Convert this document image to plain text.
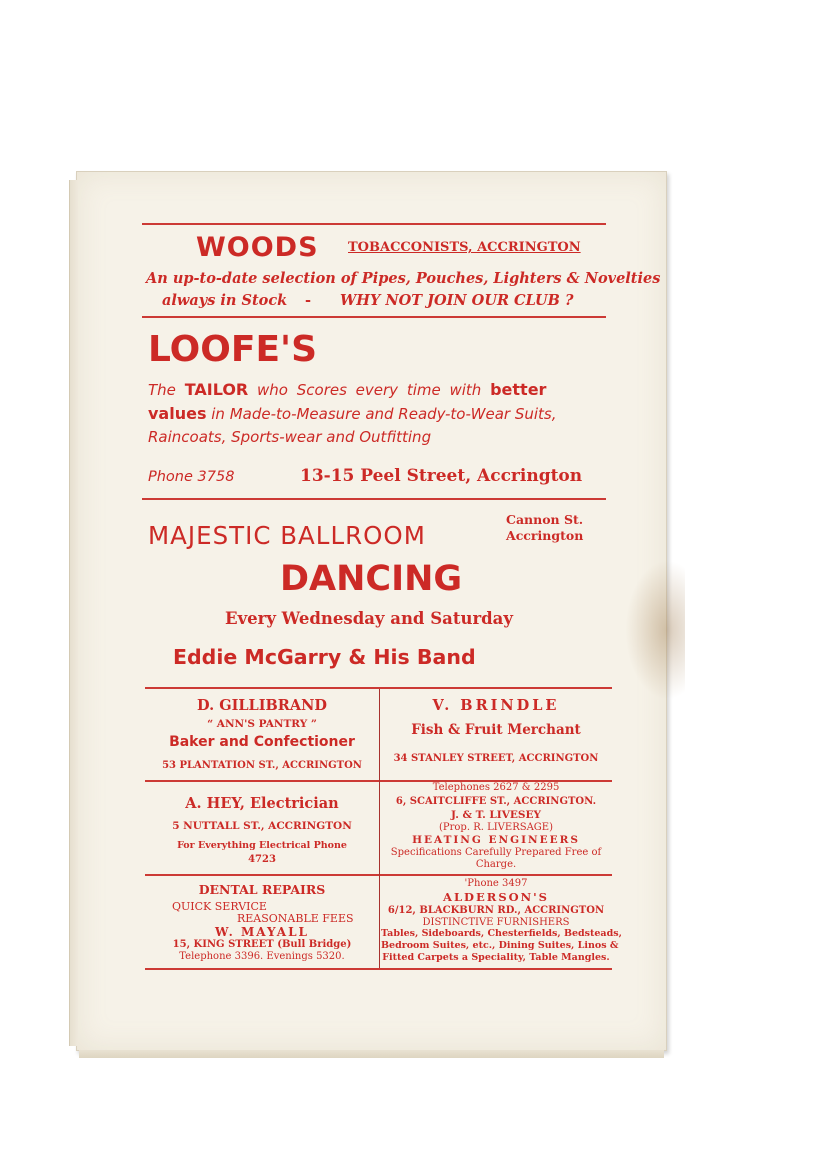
WOODS TOBACCONISTS, ACCRINGTON
An up-to-date selection of Pipes, Pouches, Lighters & Novelties
always in Stock - WHY NOT JOIN OUR CLUB ?
LOOFE'S
The TAILOR who Scores every time with better
values in Made-to-Measure and Ready-to-Wear Suits,
Raincoats, Sports-wear and Outfitting
Phone 3758	13-15 Peel Street, Accrington
MAJESTIC BALLROOM
Cannon St.
Accrington
DANCING
Every Wednesday and Saturday
Eddie McGarry & His Band
D. GILLIBRAND
“ ANN'S PANTRY ”
Baker and Confectioner
53 PLANTATION ST., ACCRINGTON
V. BRINDLE
Fish & Fruit Merchant
34 STANLEY STREET, ACCRINGTON
A. HEY, Electrician
5 NUTTALL ST., ACCRINGTON
For Everything Electrical Phone
4723
Telephones 2627 & 2295
6, SCAITCLIFFE ST., ACCRINGTON.
J. & T. LIVESEY
(Prop. R. LIVERSAGE)
HEATING ENGINEERS
Specifications Carefully Prepared Free of
Charge.
DENTAL REPAIRS
QUICK SERVICE
REASONABLE FEES
W. MAYALL
15, KING STREET (Bull Bridge)
Telephone 3396. Evenings 5320.
'Phone 3497
ALDERSON'S
6/12, BLACKBURN RD., ACCRINGTON
DISTINCTIVE FURNISHERS
Tables, Sideboards, Chesterfields, Bedsteads,
Bedroom Suites, etc., Dining Suites, Linos &
Fitted Carpets a Speciality, Table Mangles.
